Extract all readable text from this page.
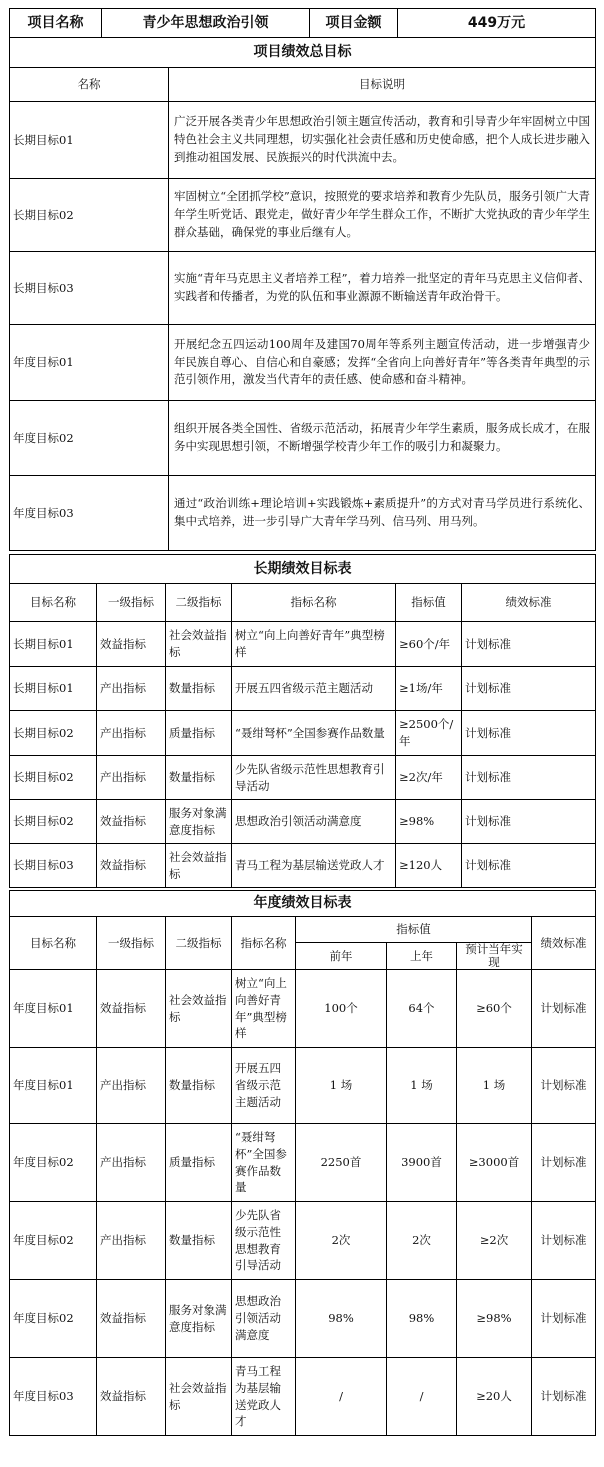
项目名称	青少年思想政治引领	项目金额	449万元
项目绩效总目标	
名称	目标说明
长期目标01	广泛开展各类青少年思想政治引领主题宣传活动，教育和引导青少年牢固树立中国特色社会主义共同理想，切实强化社会责任感和历史使命感，把个人成长进步融入到推动祖国发展、民族振兴的时代洪流中去。
长期目标02	牢固树立“全团抓学校”意识，按照党的要求培养和教育少先队员，服务引领广大青年学生听党话、跟党走，做好青少年学生群众工作，不断扩大党执政的青少年学生群众基础，确保党的事业后继有人。
长期目标03	实施“青年马克思主义者培养工程”，着力培养一批坚定的青年马克思主义信仰者、实践者和传播者，为党的队伍和事业源源不断输送青年政治骨干。
年度目标01	开展纪念五四运动100周年及建国70周年等系列主题宣传活动，进一步增强青少年民族自尊心、自信心和自豪感；发挥“全省向上向善好青年”等各类青年典型的示范引领作用，激发当代青年的责任感、使命感和奋斗精神。
年度目标02	组织开展各类全国性、省级示范活动，拓展青少年学生素质，服务成长成才，在服务中实现思想引领，不断增强学校青少年工作的吸引力和凝聚力。
年度目标03	通过“政治训练+理论培训+实践锻炼+素质提升”的方式对青马学员进行系统化、集中式培养，进一步引导广大青年学马列、信马列、用马列。
长期绩效目标表					
目标名称	一级指标	二级指标	指标名称	指标值	绩效标准
长期目标01	效益指标	社会效益指标	树立“向上向善好青年”典型榜样	≥60个/年	计划标准
长期目标01	产出指标	数量指标	开展五四省级示范主题活动	≥1场/年	计划标准
长期目标02	产出指标	质量指标	“聂绀弩杯”全国参赛作品数量	≥2500个/年	计划标准
长期目标02	产出指标	数量指标	少先队省级示范性思想教育引导活动	≥2次/年	计划标准
长期目标02	效益指标	服务对象满意度指标	思想政治引领活动满意度	≥98%	计划标准
长期目标03	效益指标	社会效益指标	青马工程为基层输送党政人才	≥120人	计划标准
年度绩效目标表							
目标名称	一级指标	二级指标	指标名称	指标值			绩效标准
				前年	上年	预计当年实现	
年度目标01	效益指标	社会效益指标	树立“向上向善好青年”典型榜样	100个	64个	≥60个	计划标准
年度目标01	产出指标	数量指标	开展五四省级示范主题活动	1 场	1 场	1 场	计划标准
年度目标02	产出指标	质量指标	“聂绀弩杯”全国参赛作品数量	2250首	3900首	≥3000首	计划标准
年度目标02	产出指标	数量指标	少先队省级示范性思想教育引导活动	2次	2次	≥2次	计划标准
年度目标02	效益指标	服务对象满意度指标	思想政治引领活动满意度	98%	98%	≥98%	计划标准
年度目标03	效益指标	社会效益指标	青马工程为基层输送党政人才	/	/	≥20人	计划标准
